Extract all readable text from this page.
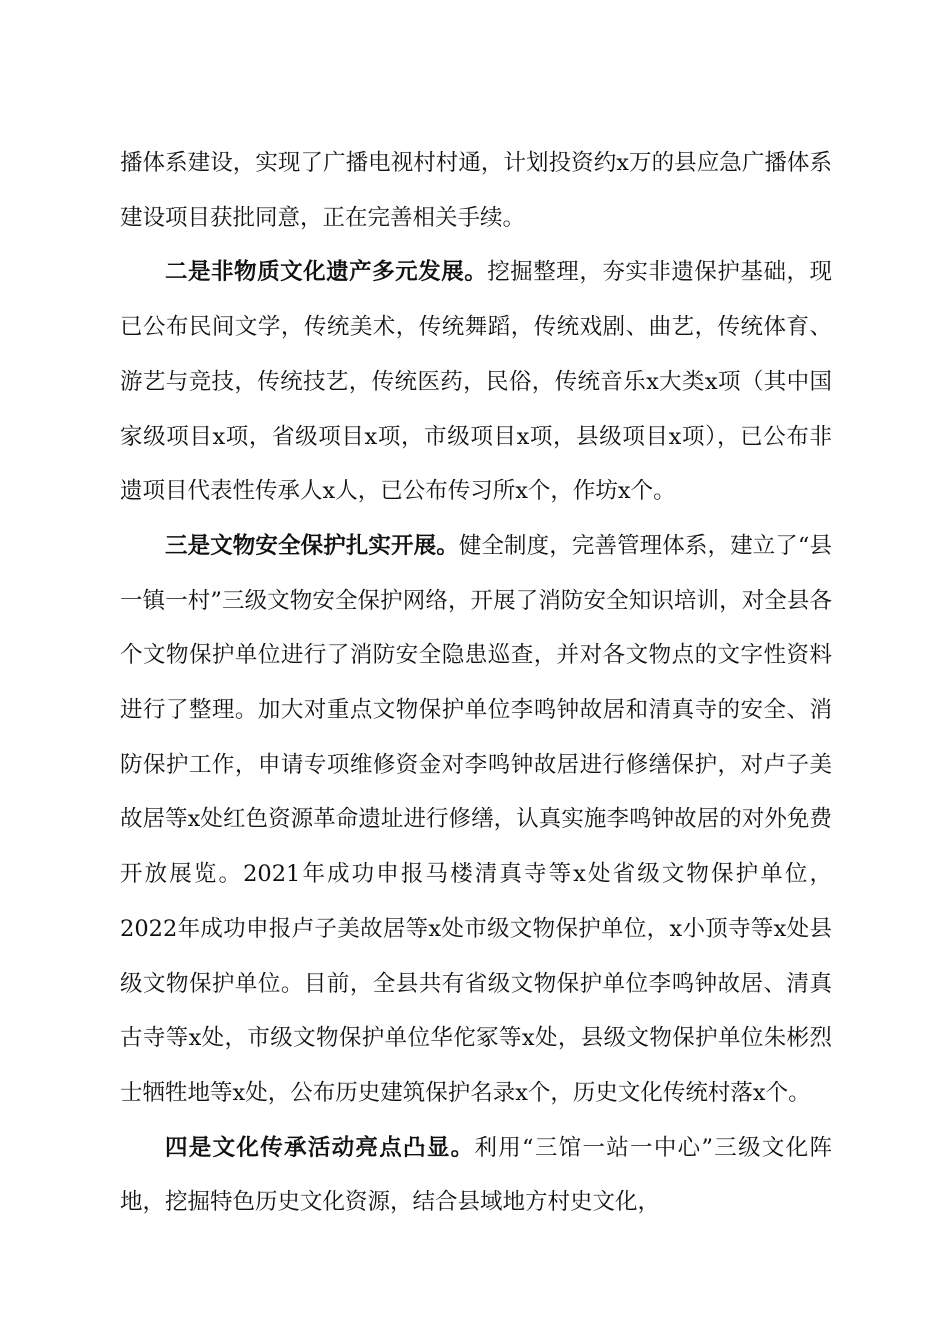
播体系建设，实现了广播电视村村通，计划投资约x万的县应急广播体系建设项目获批同意，正在完善相关手续。

二是非物质文化遗产多元发展。挖掘整理，夯实非遗保护基础，现已公布民间文学，传统美术，传统舞蹈，传统戏剧、曲艺，传统体育、游艺与竞技，传统技艺，传统医药，民俗，传统音乐x大类x项（其中国家级项目x项，省级项目x项，市级项目x项，县级项目x项），已公布非遗项目代表性传承人x人，已公布传习所x个，作坊x个。

三是文物安全保护扎实开展。健全制度，完善管理体系，建立了“县一镇一村”三级文物安全保护网络，开展了消防安全知识培训，对全县各个文物保护单位进行了消防安全隐患巡查，并对各文物点的文字性资料进行了整理。加大对重点文物保护单位李鸣钟故居和清真寺的安全、消防保护工作，申请专项维修资金对李鸣钟故居进行修缮保护，对卢子美故居等x处红色资源革命遗址进行修缮，认真实施李鸣钟故居的对外免费开放展览。2021年成功申报马楼清真寺等x处省级文物保护单位，2022年成功申报卢子美故居等x处市级文物保护单位，x小顶寺等x处县级文物保护单位。目前，全县共有省级文物保护单位李鸣钟故居、清真古寺等x处，市级文物保护单位华佗冢等x处，县级文物保护单位朱彬烈士牺牲地等x处，公布历史建筑保护名录x个，历史文化传统村落x个。

四是文化传承活动亮点凸显。利用“三馆一站一中心”三级文化阵地，挖掘特色历史文化资源，结合县域地方村史文化，
